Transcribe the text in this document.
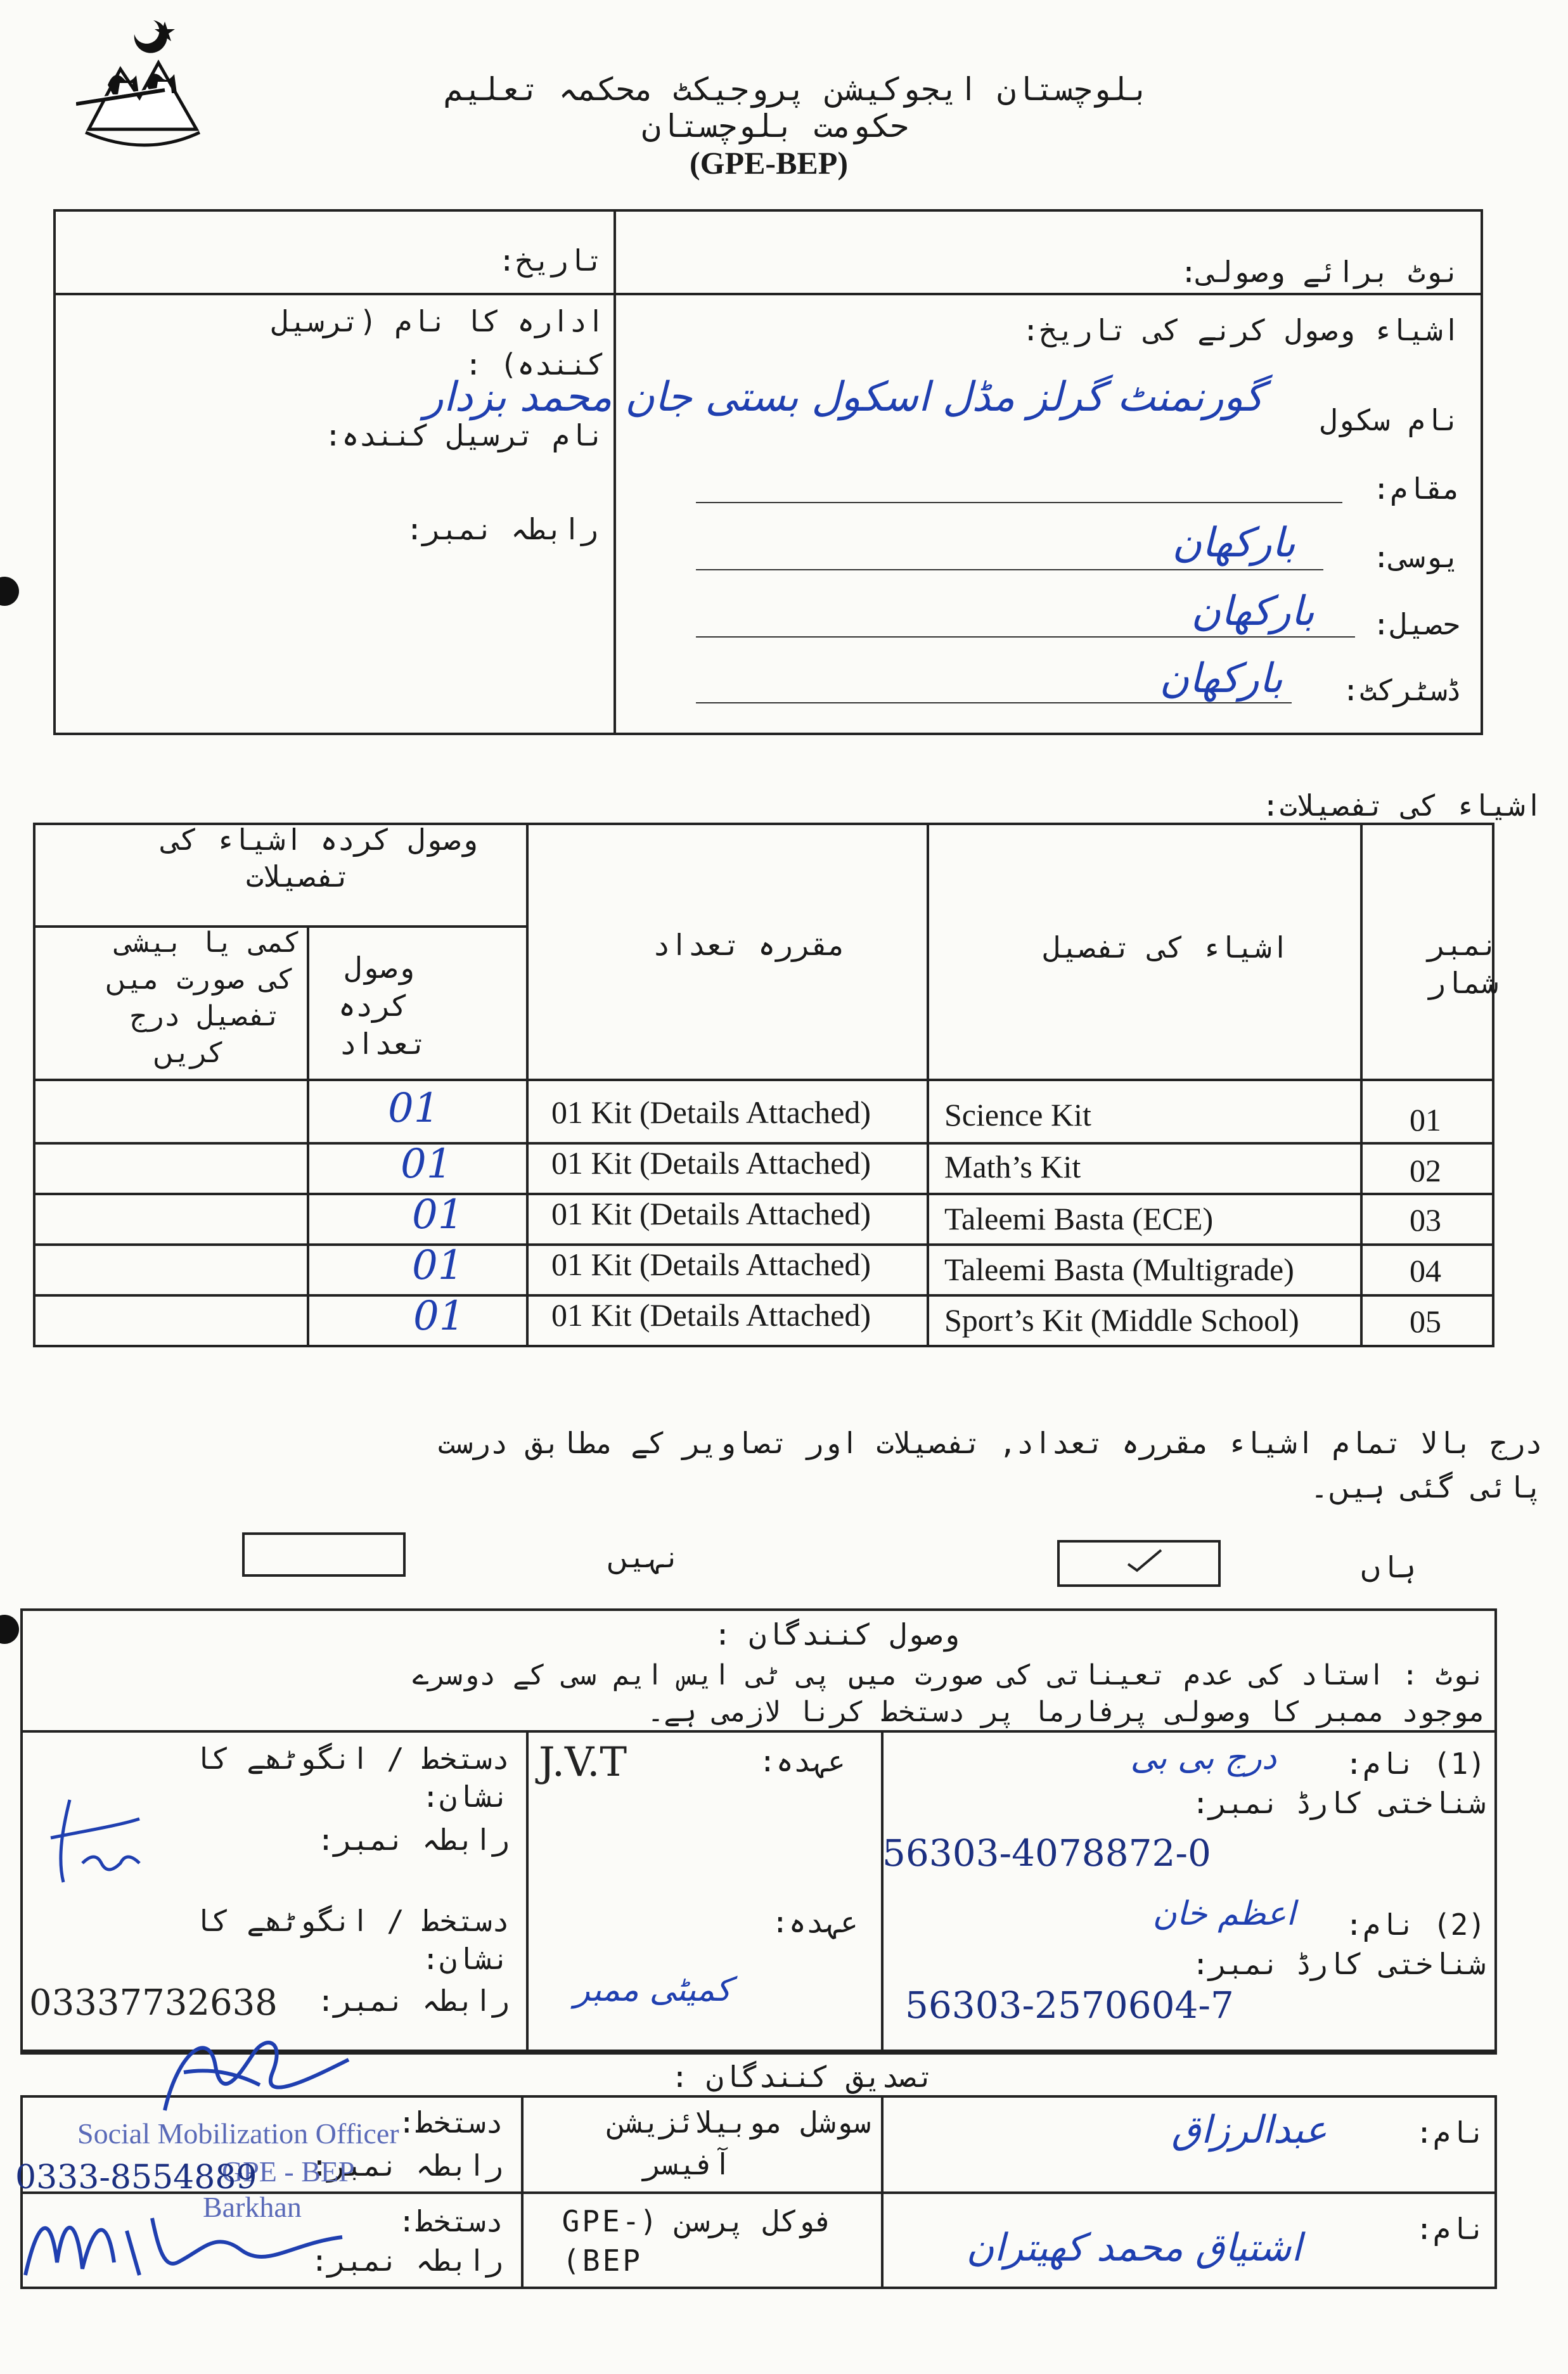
بلوچستان ایجوکیشن پروجیکٹ محکمہ تعلیم
حکومت بلوچستان
(GPE-BEP)
نوٹ برائے وصولی:
تاریخ:
اشیاء وصول کرنے کی تاریخ:
نام سکول
گورنمنٹ گرلز مڈل اسکول بستی جان محمد بزدار
مقام:
یوسی:
بارکھان
حصیل:
بارکھان
ڈسٹرکٹ:
بارکھان
ادارہ کا نام (ترسیل
کنندہ) :
نام ترسیل کنندہ:
رابطہ نمبر:
اشیاء کی تفصیلات:
نمبر
شمار
اشیاء کی تفصیل
مقررہ تعداد
وصول کردہ اشیاء کی
تفصیلات
وصول
کردہ
تعداد
کمی یا بیشی
کی صورت میں
تفصیل درج
کریں
01
Science Kit
01 Kit (Details Attached)
01
02
Math’s Kit
01 Kit (Details Attached)
01
03
Taleemi Basta (ECE)
01 Kit (Details Attached)
01
04
Taleemi Basta (Multigrade)
01 Kit (Details Attached)
01
05
Sport’s Kit (Middle School)
01 Kit (Details Attached)
01
درج بالا تمام اشیاء مقررہ تعداد, تفصیلات اور تصاویر کے مطابق درست
پائی گئی ہیں۔
ہاں
نہیں
وصول کنندگان :
نوٹ : استاد کی عدم تعیناتی کی صورت میں پی ٹی ایس ایم سی کے دوسرے
موجود ممبر کا وصولی پرفارما پر دستخط کرنا لازمی ہے۔
(1) نام:
درج بی بی
شناختی کارڈ نمبر:
56303-4078872-0
عہدہ:
J.V.T
دستخط / انگوٹھے کا
نشان:
رابطہ نمبر:
(2) نام:
اعظم خان
شناختی کارڈ نمبر:
56303-2570604-7
عہدہ:
کمیٹی ممبر
دستخط / انگوٹھے کا
نشان:
رابطہ نمبر:
03337732638
تصدیق کنندگان :
نام:
عبدالرزاق
سوشل موبیلائزیشن
آفیسر
دستخط:
رابطہ نمبر:
Social Mobilization Officer
GPE - BEP
Barkhan
0333-8554889
نام:
اشتیاق محمد کھیتران
فوکل پرسن (-GPE
(BEP
دستخط:
رابطہ نمبر:
